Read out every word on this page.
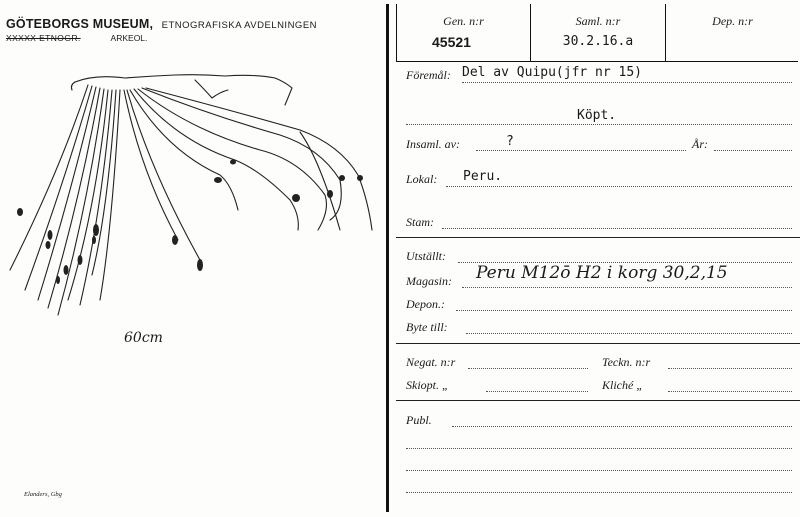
GÖTEBORGS MUSEUM, ETNOGRAFISKA AVDELNINGEN
XXXXX ETNOGR.	ARKEOL.
60cm
Elanders, Gbg
Gen. n:r
45521
Saml. n:r
30.2.16.a
Dep. n:r
Föremål: Del av Quipu(jfr nr 15)
Köpt.
Insaml. av:	?	År:
Lokal: Peru.
Stam:
Utställt:
Magasin: Peru M12ō H2 i korg 30,2,15
Depon.:
Byte till:
Negat. n:r	Teckn. n:r
Skiopt. „	Kliché „
Publ.
